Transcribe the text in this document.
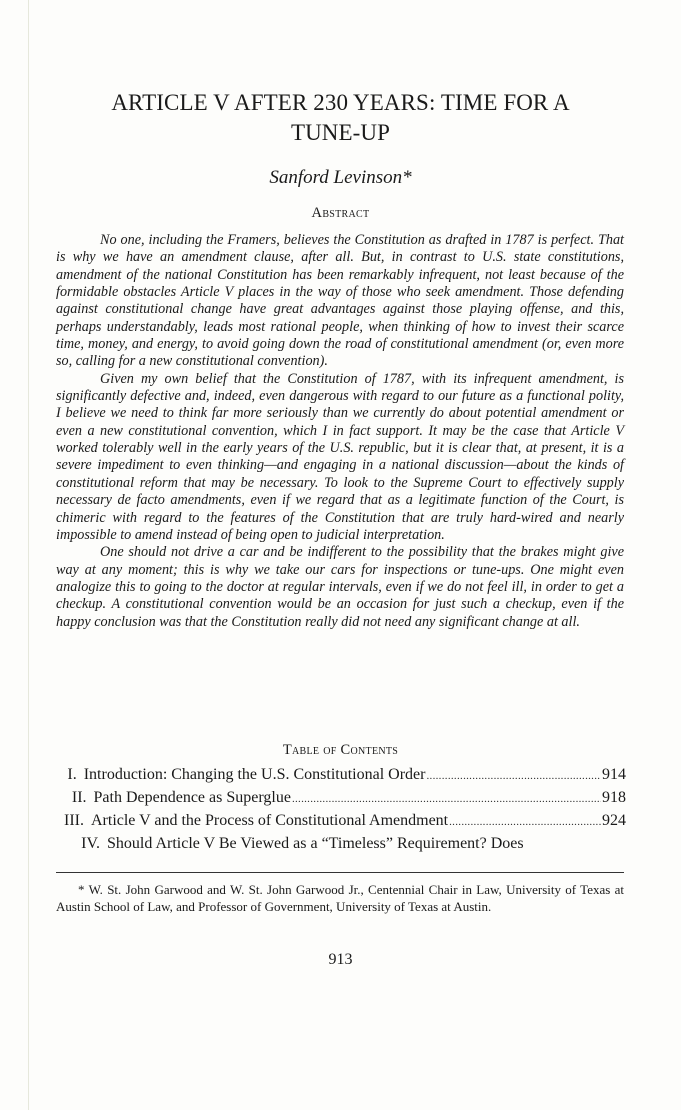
ARTICLE V AFTER 230 YEARS: TIME FOR A
TUNE-UP
Sanford Levinson*
Abstract

No one, including the Framers, believes the Constitution as drafted in 1787 is perfect. That is why we have an amendment clause, after all. But, in contrast to U.S. state constitutions, amendment of the national Constitution has been remarkably infrequent, not least because of the formidable obstacles Article V places in the way of those who seek amendment. Those defending against constitutional change have great advantages against those playing offense, and this, perhaps understandably, leads most rational people, when thinking of how to invest their scarce time, money, and energy, to avoid going down the road of constitutional amendment (or, even more so, calling for a new constitutional convention).

Given my own belief that the Constitution of 1787, with its infrequent amendment, is significantly defective and, indeed, even dangerous with regard to our future as a functional polity, I believe we need to think far more seriously than we currently do about potential amendment or even a new constitutional convention, which I in fact support. It may be the case that Article V worked tolerably well in the early years of the U.S. republic, but it is clear that, at present, it is a severe impediment to even thinking—and engaging in a national discussion—about the kinds of constitutional reform that may be necessary. To look to the Supreme Court to effectively supply necessary de facto amendments, even if we regard that as a legitimate function of the Court, is chimeric with regard to the features of the Constitution that are truly hard-wired and nearly impossible to amend instead of being open to judicial interpretation.

One should not drive a car and be indifferent to the possibility that the brakes might give way at any moment; this is why we take our cars for inspections or tune-ups. One might even analogize this to going to the doctor at regular intervals, even if we do not feel ill, in order to get a checkup. A constitutional convention would be an occasion for just such a checkup, even if the happy conclusion was that the Constitution really did not need any significant change at all.

Table of Contents
I. Introduction: Changing the U.S. Constitutional Order .....	914
II. Path Dependence as Superglue .....	918
III. Article V and the Process of Constitutional Amendment .....	924
IV. Should Article V Be Viewed as a “Timeless” Requirement? Does

* W. St. John Garwood and W. St. John Garwood Jr., Centennial Chair in Law, University of Texas at Austin School of Law, and Professor of Government, University of Texas at Austin.

913
